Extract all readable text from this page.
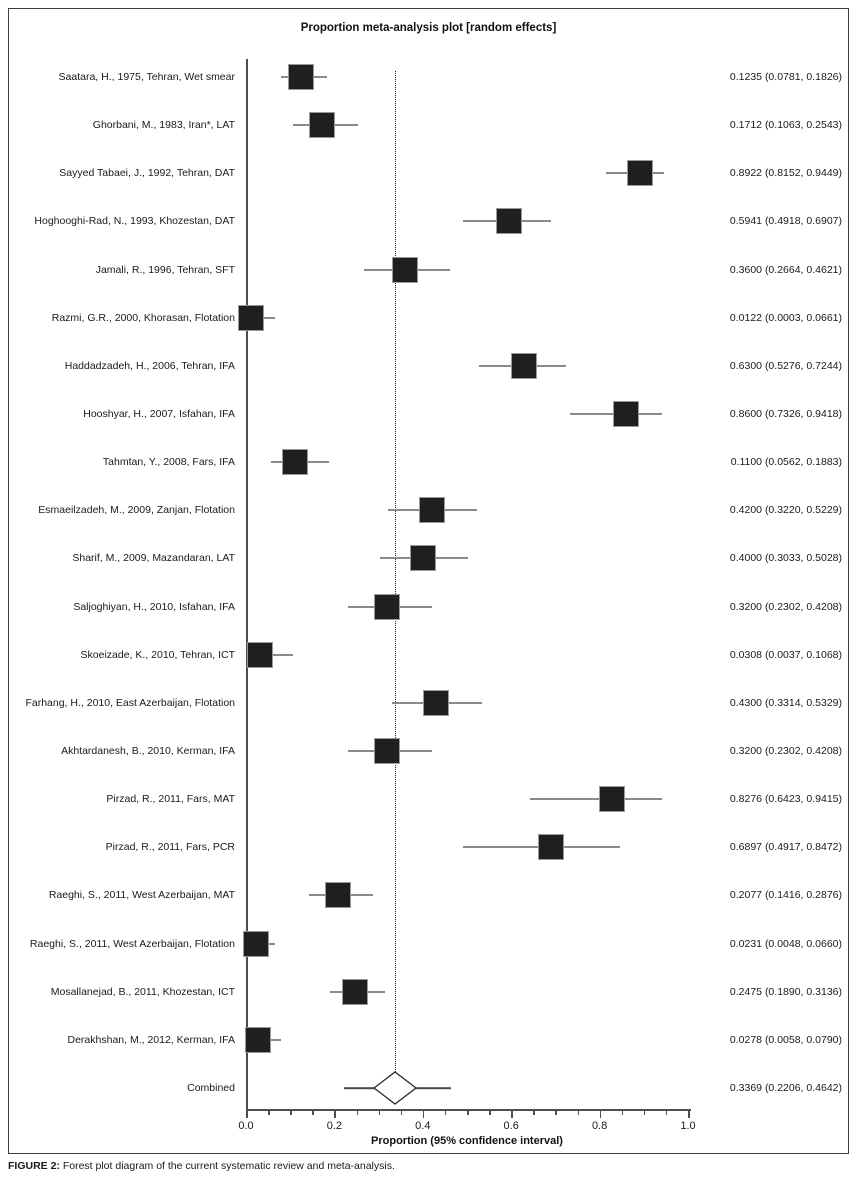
Proportion meta-analysis plot [random effects]
0.0	0.2	0.4	0.6	0.8	1.0
Proportion (95% confidence interval)
Saatara, H., 1975, Tehran, Wet smear	0.1235 (0.0781, 0.1826)
Ghorbani, M., 1983, Iran*, LAT	0.1712 (0.1063, 0.2543)
Sayyed Tabaei, J., 1992, Tehran, DAT	0.8922 (0.8152, 0.9449)
Hoghooghi-Rad, N., 1993, Khozestan, DAT	0.5941 (0.4918, 0.6907)
Jamali, R., 1996, Tehran, SFT	0.3600 (0.2664, 0.4621)
Razmi, G.R., 2000, Khorasan, Flotation	0.0122 (0.0003, 0.0661)
Haddadzadeh, H., 2006, Tehran, IFA	0.6300 (0.5276, 0.7244)
Hooshyar, H., 2007, Isfahan, IFA	0.8600 (0.7326, 0.9418)
Tahmtan, Y., 2008, Fars, IFA	0.1100 (0.0562, 0.1883)
Esmaeilzadeh, M., 2009, Zanjan, Flotation	0.4200 (0.3220, 0.5229)
Sharif, M., 2009, Mazandaran, LAT	0.4000 (0.3033, 0.5028)
Saljoghiyan, H., 2010, Isfahan, IFA	0.3200 (0.2302, 0.4208)
Skoeizade, K., 2010, Tehran, ICT	0.0308 (0.0037, 0.1068)
Farhang, H., 2010, East Azerbaijan, Flotation	0.4300 (0.3314, 0.5329)
Akhtardanesh, B., 2010, Kerman, IFA	0.3200 (0.2302, 0.4208)
Pirzad, R., 2011, Fars, MAT	0.8276 (0.6423, 0.9415)
Pirzad, R., 2011, Fars, PCR	0.6897 (0.4917, 0.8472)
Raeghi, S., 2011, West Azerbaijan, MAT	0.2077 (0.1416, 0.2876)
Raeghi, S., 2011, West Azerbaijan, Flotation	0.0231 (0.0048, 0.0660)
Mosallanejad, B., 2011, Khozestan, ICT	0.2475 (0.1890, 0.3136)
Derakhshan, M., 2012, Kerman, IFA	0.0278 (0.0058, 0.0790)
Combined	0.3369 (0.2206, 0.4642)
FIGURE 2: Forest plot diagram of the current systematic review and meta-analysis.
